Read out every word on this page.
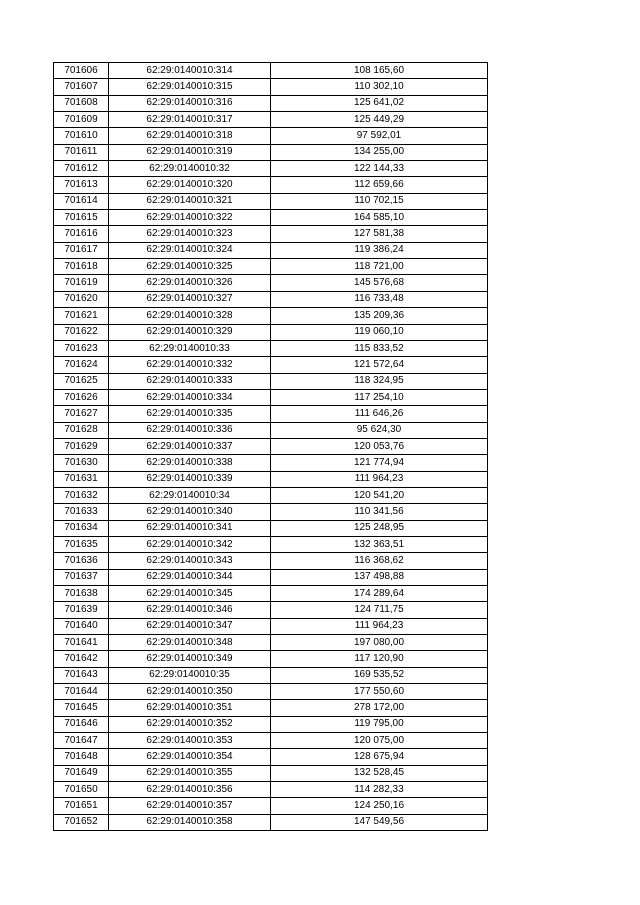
701606	62:29:0140010:314	108 165,60
701607	62:29:0140010:315	110 302,10
701608	62:29:0140010:316	125 641,02
701609	62:29:0140010:317	125 449,29
701610	62:29:0140010:318	97 592,01
701611	62:29:0140010:319	134 255,00
701612	62:29:0140010:32	122 144,33
701613	62:29:0140010:320	112 659,66
701614	62:29:0140010:321	110 702,15
701615	62:29:0140010:322	164 585,10
701616	62:29:0140010:323	127 581,38
701617	62:29:0140010:324	119 386,24
701618	62:29:0140010:325	118 721,00
701619	62:29:0140010:326	145 576,68
701620	62:29:0140010:327	116 733,48
701621	62:29:0140010:328	135 209,36
701622	62:29:0140010:329	119 060,10
701623	62:29:0140010:33	115 833,52
701624	62:29:0140010:332	121 572,64
701625	62:29:0140010:333	118 324,95
701626	62:29:0140010:334	117 254,10
701627	62:29:0140010:335	111 646,26
701628	62:29:0140010:336	95 624,30
701629	62:29:0140010:337	120 053,76
701630	62:29:0140010:338	121 774,94
701631	62:29:0140010:339	111 964,23
701632	62:29:0140010:34	120 541,20
701633	62:29:0140010:340	110 341,56
701634	62:29:0140010:341	125 248,95
701635	62:29:0140010:342	132 363,51
701636	62:29:0140010:343	116 368,62
701637	62:29:0140010:344	137 498,88
701638	62:29:0140010:345	174 289,64
701639	62:29:0140010:346	124 711,75
701640	62:29:0140010:347	111 964,23
701641	62:29:0140010:348	197 080,00
701642	62:29:0140010:349	117 120,90
701643	62:29:0140010:35	169 535,52
701644	62:29:0140010:350	177 550,60
701645	62:29:0140010:351	278 172,00
701646	62:29:0140010:352	119 795,00
701647	62:29:0140010:353	120 075,00
701648	62:29:0140010:354	128 675,94
701649	62:29:0140010:355	132 528,45
701650	62:29:0140010:356	114 282,33
701651	62:29:0140010:357	124 250,16
701652	62:29:0140010:358	147 549,56
